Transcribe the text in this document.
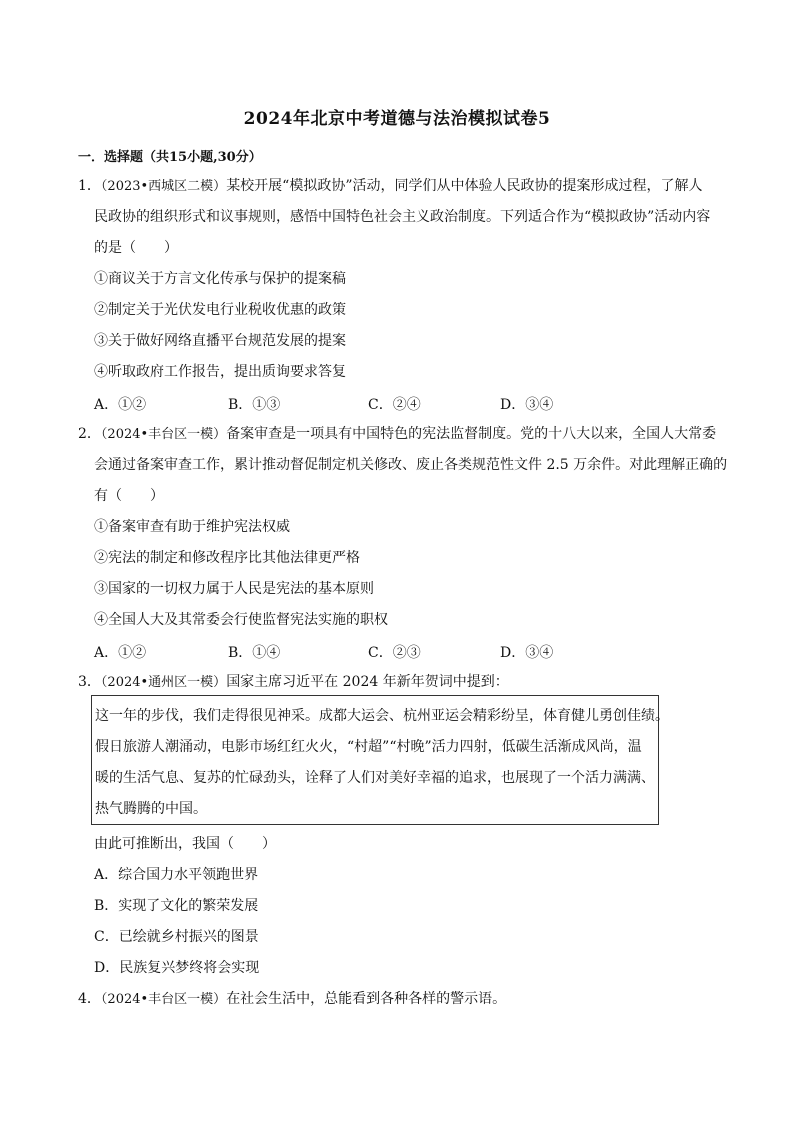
2024年北京中考道德与法治模拟试卷5
一．选择题（共15小题,30分）
1．（2023•西城区二模）某校开展“模拟政协”活动，同学们从中体验人民政协的提案形成过程，了解人
民政协的组织形式和议事规则，感悟中国特色社会主义政治制度。下列适合作为“模拟政协”活动内容
的是（　　）
①商议关于方言文化传承与保护的提案稿
②制定关于光伏发电行业税收优惠的政策
③关于做好网络直播平台规范发展的提案
④听取政府工作报告，提出质询要求答复
A．①②	B．①③	C．②④	D．③④
2．（2024•丰台区一模）备案审查是一项具有中国特色的宪法监督制度。党的十八大以来，全国人大常委
会通过备案审查工作，累计推动督促制定机关修改、废止各类规范性文件 2.5 万余件。对此理解正确的
有（　　）
①备案审查有助于维护宪法权威
②宪法的制定和修改程序比其他法律更严格
③国家的一切权力属于人民是宪法的基本原则
④全国人大及其常委会行使监督宪法实施的职权
A．①②	B．①④	C．②③	D．③④
3．（2024•通州区一模）国家主席习近平在 2024 年新年贺词中提到：
这一年的步伐，我们走得很见神采。成都大运会、杭州亚运会精彩纷呈，体育健儿勇创佳绩。
假日旅游人潮涌动，电影市场红红火火，“村超”“村晚”活力四射，低碳生活渐成风尚，温
暖的生活气息、复苏的忙碌劲头，诠释了人们对美好幸福的追求，也展现了一个活力满满、
热气腾腾的中国。
由此可推断出，我国（　　）
A．综合国力水平领跑世界
B．实现了文化的繁荣发展
C．已绘就乡村振兴的图景
D．民族复兴梦终将会实现
4．（2024•丰台区一模）在社会生活中，总能看到各种各样的警示语。
